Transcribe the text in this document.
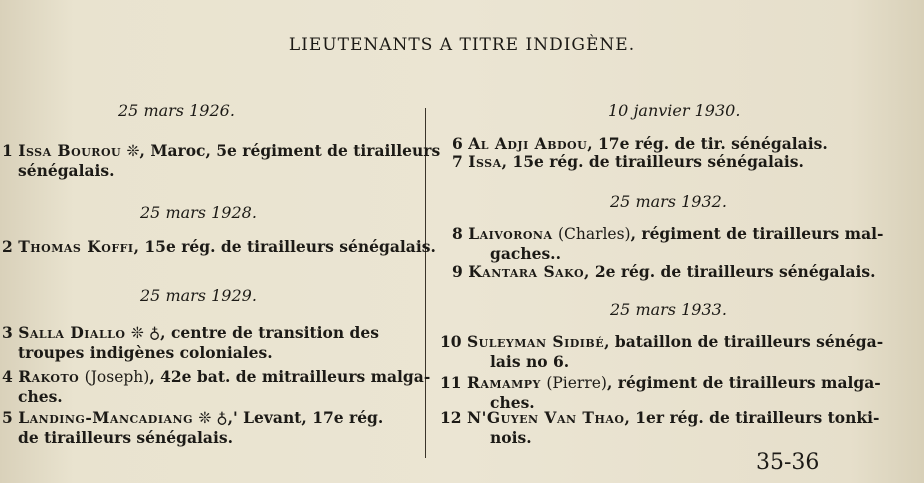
LIEUTENANTS A TITRE INDIGÈNE.
25 mars 1926.
1 Issa Bourou ❊, Maroc, 5e régiment de tirailleurs
sénégalais.
25 mars 1928.
2 Thomas Koffi, 15e rég. de tirailleurs sénégalais.
25 mars 1929.
3 Salla Diallo ❊ ♁, centre de transition des
troupes indigènes coloniales.
4 Rakoto (Joseph), 42e bat. de mitrailleurs malga-
ches.
5 Landing-Mancadiang ❊ ♁,' Levant, 17e rég.
de tirailleurs sénégalais.
10 janvier 1930.
6 Al Adji Abdou, 17e rég. de tir. sénégalais.
7 Issa, 15e rég. de tirailleurs sénégalais.
25 mars 1932.
8 Laivorona (Charles), régiment de tirailleurs mal-
gaches..
9 Kantara Sako, 2e rég. de tirailleurs sénégalais.
25 mars 1933.
10 Suleyman Sidibé, bataillon de tirailleurs sénéga-
lais no 6.
11 Ramampy (Pierre), régiment de tirailleurs malga-
ches.
12 N'Guyen Van Thao, 1er rég. de tirailleurs tonki-
nois.
35-36
